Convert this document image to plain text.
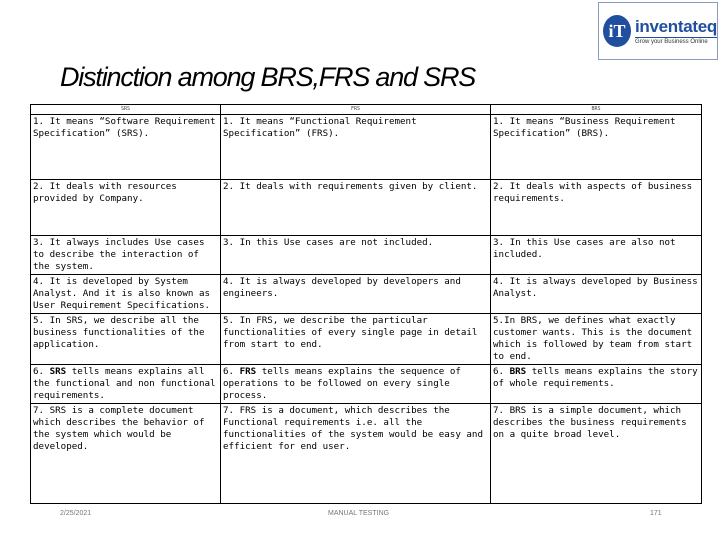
iT inventateq
Grow your Business Online
Distinction among BRS,FRS and SRS
SRS	FRS	BRS
1. It means “Software Requirement Specification” (SRS).	1. It means “Functional Requirement Specification” (FRS).	1. It means “Business Requirement Specification” (BRS).
2. It deals with resources provided by Company.	2. It deals with requirements given by client.	2. It deals with aspects of business requirements.
3. It always includes Use cases to describe the interaction of the system.	3. In this Use cases are not included.	3. In this Use cases are also not included.
4. It is developed by System Analyst. And it is also known as User Requirement Specifications.	4. It is always developed by developers and engineers.	4. It is always developed by Business Analyst.
5. In SRS, we describe all the business functionalities of the application.	5. In FRS, we describe the particular functionalities of every single page in detail from start to end.	5.In BRS, we defines what exactly customer wants. This is the document which is followed by team from start to end.
6. SRS tells means explains all the functional and non functional requirements.	6. FRS tells means explains the sequence of operations to be followed on every single process.	6. BRS tells means explains the story of whole requirements.
7. SRS is a complete document which describes the behavior of the system which would be developed.	7. FRS is a document, which describes the Functional requirements i.e. all the functionalities of the system would be easy and efficient for end user.	7. BRS is a simple document, which describes the business requirements on a quite broad level.
2/25/2021	MANUAL TESTING	171
